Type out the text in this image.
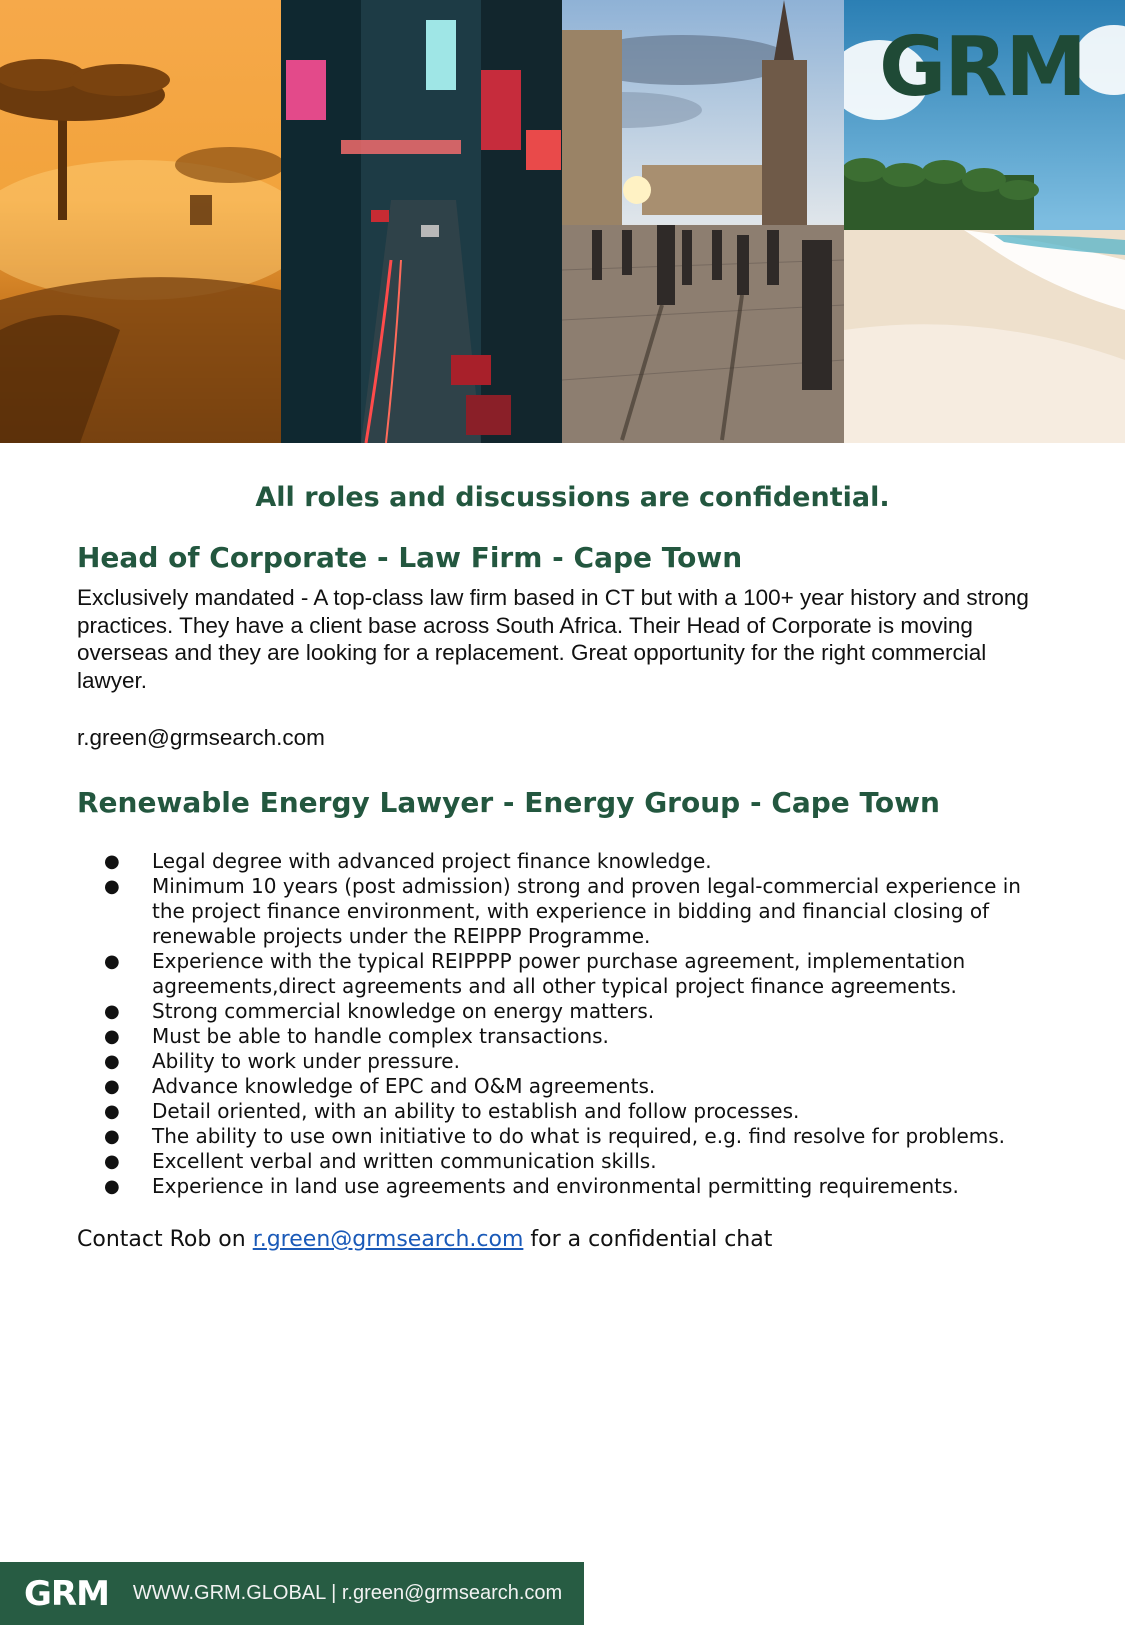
GRM
All roles and discussions are confidential.
Head of Corporate - Law Firm - Cape Town

Exclusively mandated - A top-class law firm based in CT but with a 100+ year history and strong practices. They have a client base across South Africa. Their Head of Corporate is moving overseas and they are looking for a replacement. Great opportunity for the right commercial lawyer.

r.green@grmsearch.com

Renewable Energy Lawyer - Energy Group - Cape Town
● Legal degree with advanced project finance knowledge.
● Minimum 10 years (post admission) strong and proven legal-commercial experience in the project finance environment, with experience in bidding and financial closing of renewable projects under the REIPPP Programme.
● Experience with the typical REIPPPP power purchase agreement, implementation agreements,direct agreements and all other typical project finance agreements.
● Strong commercial knowledge on energy matters.
● Must be able to handle complex transactions.
● Ability to work under pressure.
● Advance knowledge of EPC and O&M agreements.
● Detail oriented, with an ability to establish and follow processes.
● The ability to use own initiative to do what is required, e.g. find resolve for problems.
● Excellent verbal and written communication skills.
● Experience in land use agreements and environmental permitting requirements.

Contact Rob on r.green@grmsearch.com for a confidential chat

GRM WWW.GRM.GLOBAL | r.green@grmsearch.com
